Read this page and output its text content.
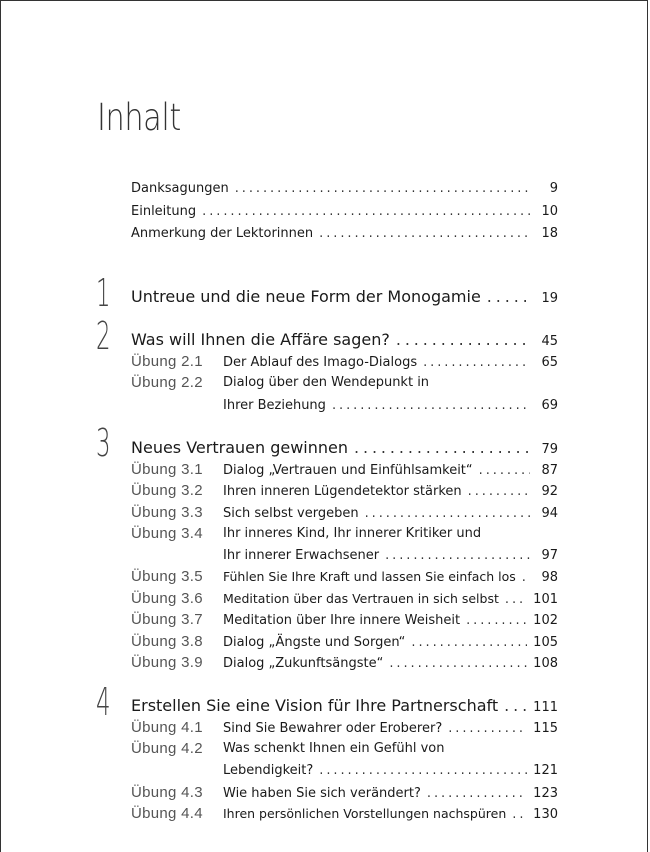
Inhalt
Danksagungen . . .	9
Einleitung . . .	10
Anmerkung der Lektorinnen . . .	18
1 Untreue und die neue Form der Monogamie . . .	19
2 Was will Ihnen die Affäre sagen? . . .	45
Übung 2.1	Der Ablauf des Imago-Dialogs . . .	65
Übung 2.2	Dialog über den Wendepunkt in
Ihrer Beziehung . . .	69
3 Neues Vertrauen gewinnen . . .	79
Übung 3.1	Dialog „Vertrauen und Einfühlsamkeit“ . . .	87
Übung 3.2	Ihren inneren Lügendetektor stärken . . .	92
Übung 3.3	Sich selbst vergeben . . .	94
Übung 3.4	Ihr inneres Kind, Ihr innerer Kritiker und
Ihr innerer Erwachsener . . .	97
Übung 3.5	Fühlen Sie Ihre Kraft und lassen Sie einfach los . . .	98
Übung 3.6	Meditation über das Vertrauen in sich selbst . . .	101
Übung 3.7	Meditation über Ihre innere Weisheit . . .	102
Übung 3.8	Dialog „Ängste und Sorgen“ . . .	105
Übung 3.9	Dialog „Zukunftsängste“ . . .	108
4 Erstellen Sie eine Vision für Ihre Partnerschaft . . .	111
Übung 4.1	Sind Sie Bewahrer oder Eroberer? . . .	115
Übung 4.2	Was schenkt Ihnen ein Gefühl von
Lebendigkeit? . . .	121
Übung 4.3	Wie haben Sie sich verändert? . . .	123
Übung 4.4	Ihren persönlichen Vorstellungen nachspüren . . . 130
